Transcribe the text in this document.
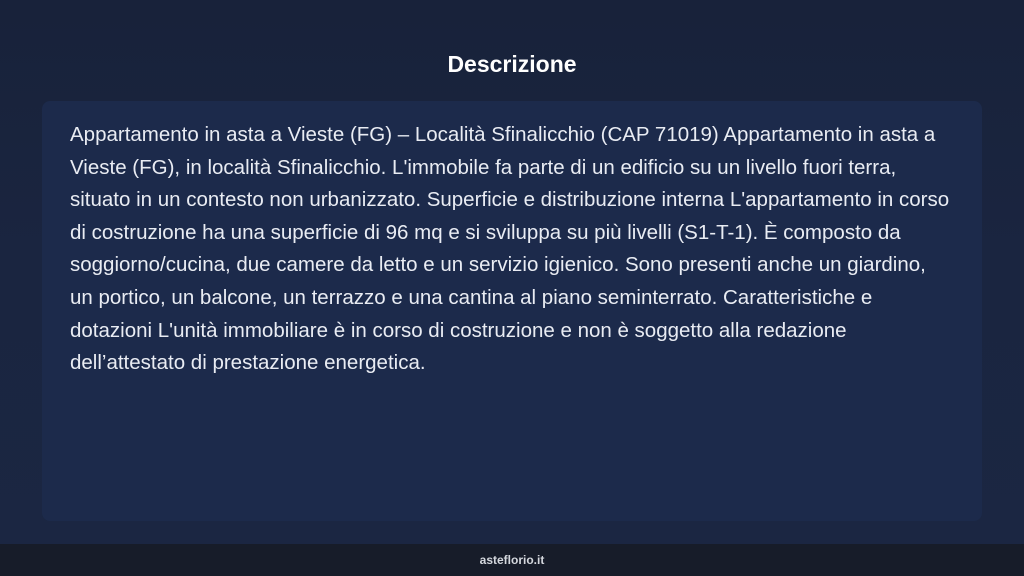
Descrizione

Appartamento in asta a Vieste (FG) – Località Sfinalicchio (CAP 71019) Appartamento in asta a Vieste (FG), in località Sfinalicchio. L'immobile fa parte di un edificio su un livello fuori terra, situato in un contesto non urbanizzato. Superficie e distribuzione interna L'appartamento in corso di costruzione ha una superficie di 96 mq e si sviluppa su più livelli (S1-T-1). È composto da soggiorno/cucina, due camere da letto e un servizio igienico. Sono presenti anche un giardino, un portico, un balcone, un terrazzo e una cantina al piano seminterrato. Caratteristiche e dotazioni L'unità immobiliare è in corso di costruzione e non è soggetto alla redazione dell’attestato di prestazione energetica.

asteflorio.it
